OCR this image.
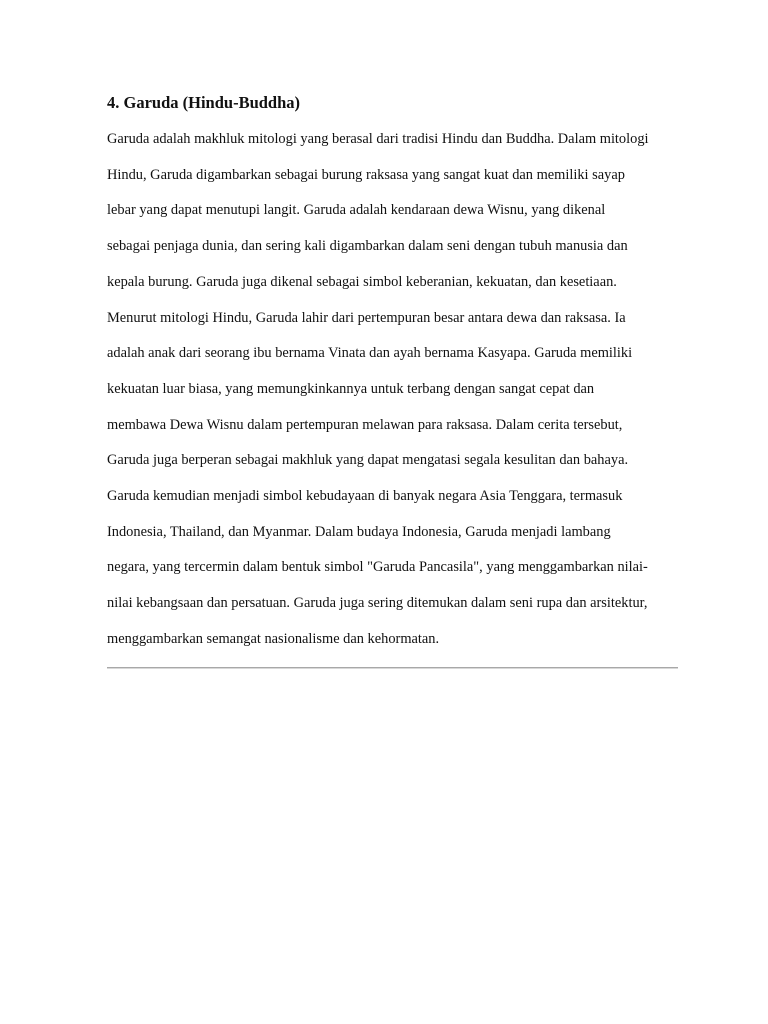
4. Garuda (Hindu-Buddha)
Garuda adalah makhluk mitologi yang berasal dari tradisi Hindu dan Buddha. Dalam mitologi
Hindu, Garuda digambarkan sebagai burung raksasa yang sangat kuat dan memiliki sayap
lebar yang dapat menutupi langit. Garuda adalah kendaraan dewa Wisnu, yang dikenal
sebagai penjaga dunia, dan sering kali digambarkan dalam seni dengan tubuh manusia dan
kepala burung. Garuda juga dikenal sebagai simbol keberanian, kekuatan, dan kesetiaan.
Menurut mitologi Hindu, Garuda lahir dari pertempuran besar antara dewa dan raksasa. Ia
adalah anak dari seorang ibu bernama Vinata dan ayah bernama Kasyapa. Garuda memiliki
kekuatan luar biasa, yang memungkinkannya untuk terbang dengan sangat cepat dan
membawa Dewa Wisnu dalam pertempuran melawan para raksasa. Dalam cerita tersebut,
Garuda juga berperan sebagai makhluk yang dapat mengatasi segala kesulitan dan bahaya.
Garuda kemudian menjadi simbol kebudayaan di banyak negara Asia Tenggara, termasuk
Indonesia, Thailand, dan Myanmar. Dalam budaya Indonesia, Garuda menjadi lambang
negara, yang tercermin dalam bentuk simbol "Garuda Pancasila", yang menggambarkan nilai-
nilai kebangsaan dan persatuan. Garuda juga sering ditemukan dalam seni rupa dan arsitektur,
menggambarkan semangat nasionalisme dan kehormatan.
